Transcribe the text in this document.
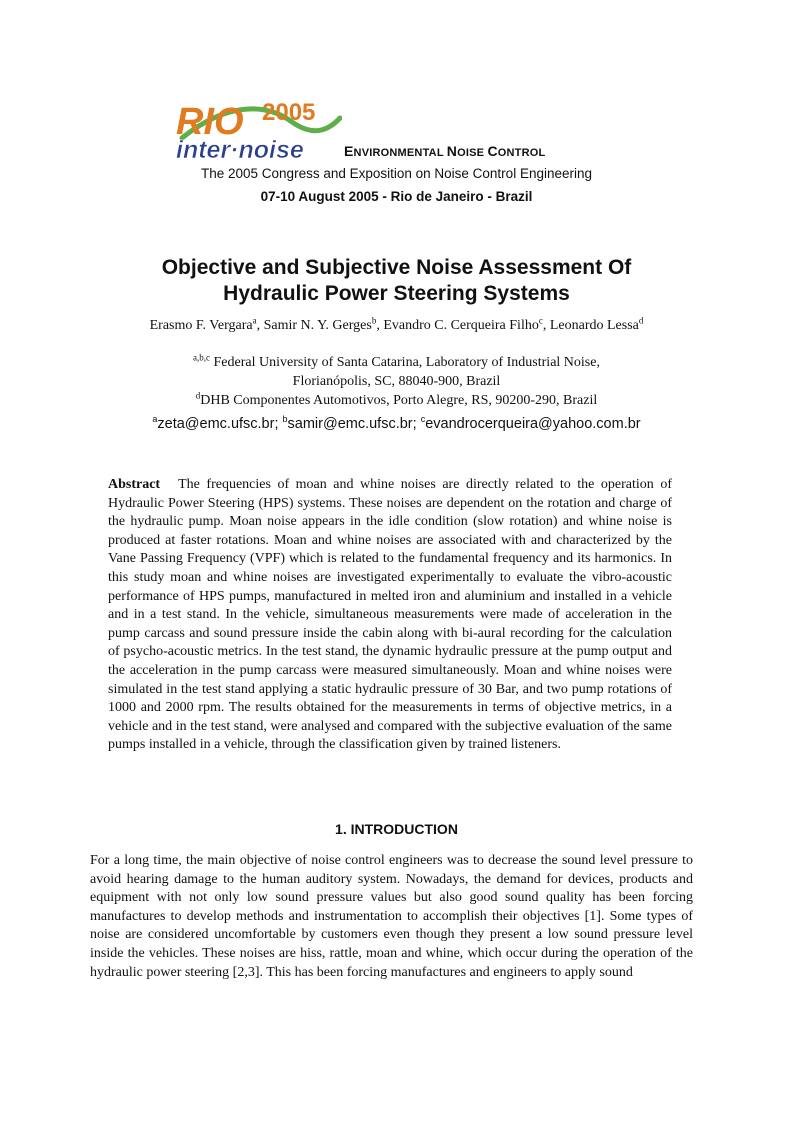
RIO 2005
inter·noise	ENVIRONMENTAL NOISE CONTROL
The 2005 Congress and Exposition on Noise Control Engineering
07-10 August 2005 - Rio de Janeiro - Brazil
Objective and Subjective Noise Assessment Of
Hydraulic Power Steering Systems
Erasmo F. Vergara$^a$, Samir N. Y. Gerges$^b$, Evandro C. Cerqueira Filho$^c$, Leonardo Lessa$^d$
$^{a,b,c}$ Federal University of Santa Catarina, Laboratory of Industrial Noise,
Florianópolis, SC, 88040-900, Brazil
$^d$DHB Componentes Automotivos, Porto Alegre, RS, 90200-290, Brazil
$^a$zeta@emc.ufsc.br; $^b$samir@emc.ufsc.br; $^c$evandrocerqueira@yahoo.com.br
Abstract The frequencies of moan and whine noises are directly related to the operation of Hydraulic Power Steering (HPS) systems. These noises are dependent on the rotation and charge of the hydraulic pump. Moan noise appears in the idle condition (slow rotation) and whine noise is produced at faster rotations. Moan and whine noises are associated with and characterized by the Vane Passing Frequency (VPF) which is related to the fundamental frequency and its harmonics. In this study moan and whine noises are investigated experimentally to evaluate the vibro-acoustic performance of HPS pumps, manufactured in melted iron and aluminium and installed in a vehicle and in a test stand. In the vehicle, simultaneous measurements were made of acceleration in the pump carcass and sound pressure inside the cabin along with bi-aural recording for the calculation of psycho-acoustic metrics. In the test stand, the dynamic hydraulic pressure at the pump output and the acceleration in the pump carcass were measured simultaneously. Moan and whine noises were simulated in the test stand applying a static hydraulic pressure of 30 Bar, and two pump rotations of 1000 and 2000 rpm. The results obtained for the measurements in terms of objective metrics, in a vehicle and in the test stand, were analysed and compared with the subjective evaluation of the same pumps installed in a vehicle, through the classification given by trained listeners.
1. INTRODUCTION
For a long time, the main objective of noise control engineers was to decrease the sound level pressure to avoid hearing damage to the human auditory system. Nowadays, the demand for devices, products and equipment with not only low sound pressure values but also good sound quality has been forcing manufactures to develop methods and instrumentation to accomplish their objectives [1]. Some types of noise are considered uncomfortable by customers even though they present a low sound pressure level inside the vehicles. These noises are hiss, rattle, moan and whine, which occur during the operation of the hydraulic power steering [2,3]. This has been forcing manufactures and engineers to apply sound
